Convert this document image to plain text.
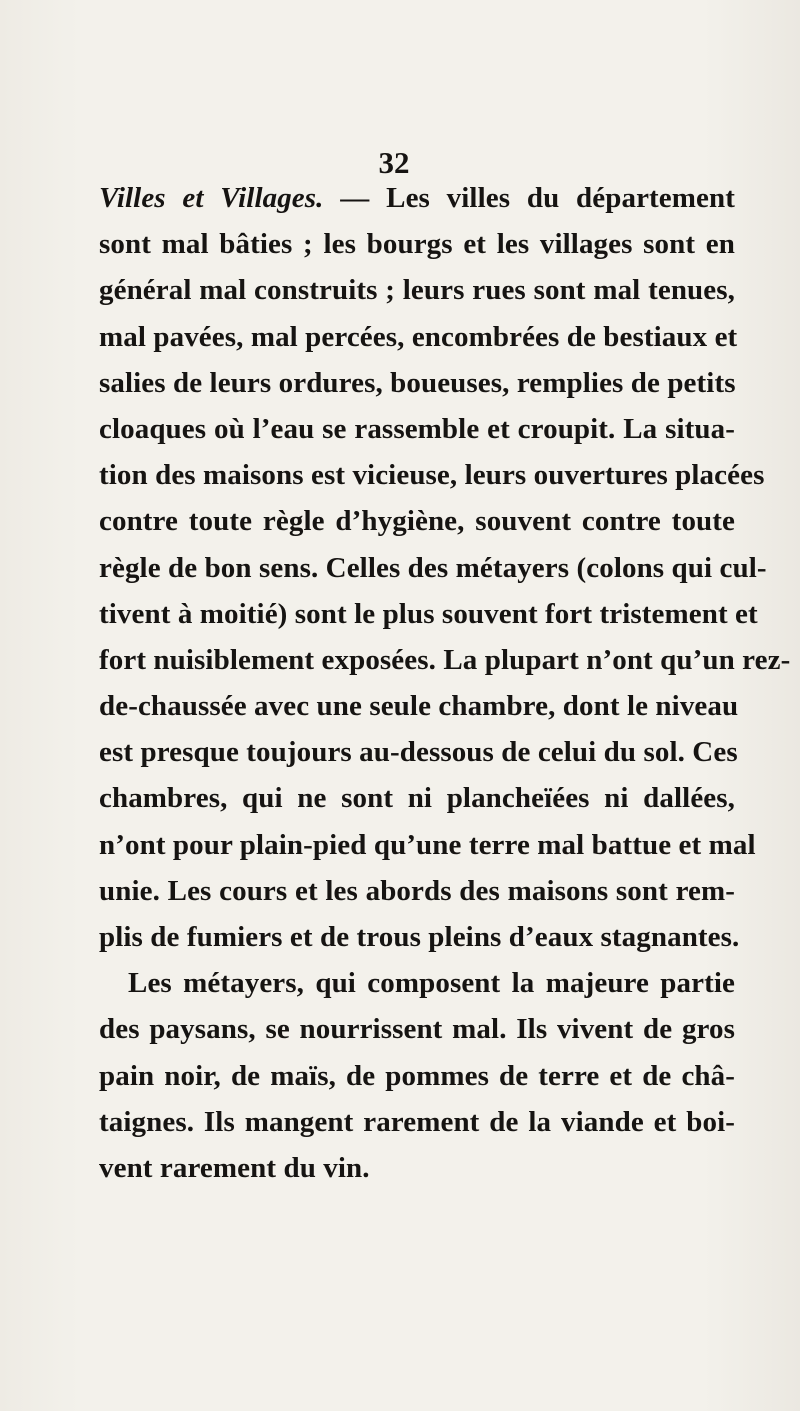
32
Villes et Villages. — Les villes du département
sont mal bâties ; les bourgs et les villages sont en
général mal construits ; leurs rues sont mal tenues,
mal pavées, mal percées, encombrées de bestiaux et
salies de leurs ordures, boueuses, remplies de petits
cloaques où l’eau se rassemble et croupit. La situa-
tion des maisons est vicieuse, leurs ouvertures placées
contre toute règle d’hygiène, souvent contre toute
règle de bon sens. Celles des métayers (colons qui cul-
tivent à moitié) sont le plus souvent fort tristement et
fort nuisiblement exposées. La plupart n’ont qu’un rez-
de-chaussée avec une seule chambre, dont le niveau
est presque toujours au-dessous de celui du sol. Ces
chambres, qui ne sont ni plancheïées ni dallées,
n’ont pour plain-pied qu’une terre mal battue et mal
unie. Les cours et les abords des maisons sont rem-
plis de fumiers et de trous pleins d’eaux stagnantes.
Les métayers, qui composent la majeure partie
des paysans, se nourrissent mal. Ils vivent de gros
pain noir, de maïs, de pommes de terre et de châ-
taignes. Ils mangent rarement de la viande et boi-
vent rarement du vin.
